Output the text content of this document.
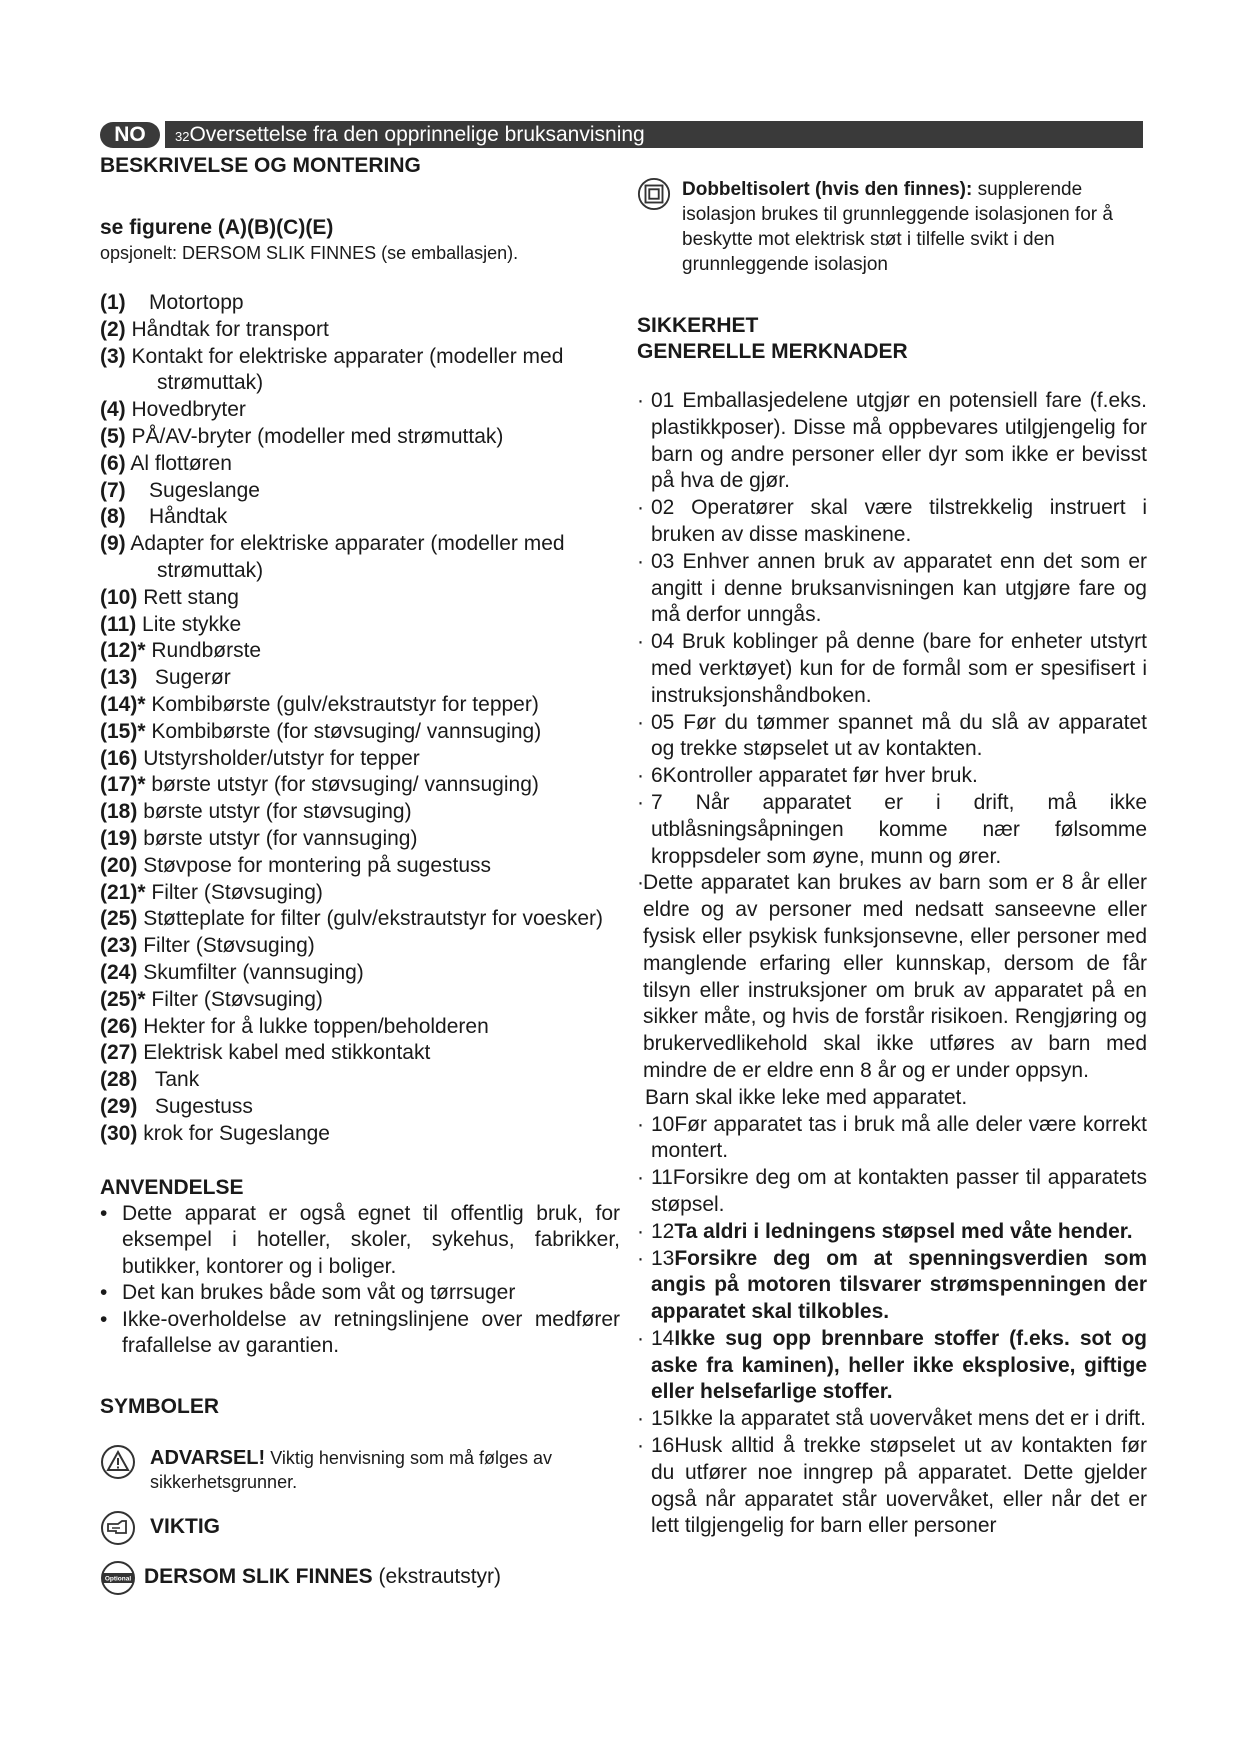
NO	32Oversettelse fra den opprinnelige bruksanvisning
BESKRIVELSE OG MONTERING
se figurene (A)(B)(C)(E)
opsjonelt: DERSOM SLIK FINNES (se emballasjen).
(1) Motortopp
(2) Håndtak for transport
(3) Kontakt for elektriske apparater (modeller med strømuttak)
(4) Hovedbryter
(5) PÅ/AV-bryter (modeller med strømuttak)
(6) Al flottøren
(7) Sugeslange
(8) Håndtak
(9) Adapter for elektriske apparater (modeller med strømuttak)
(10) Rett stang
(11) Lite stykke
(12)* Rundbørste
(13) Sugerør
(14)* Kombibørste (gulv/ekstrautstyr for tepper)
(15)* Kombibørste (for støvsuging/ vannsuging)
(16) Utstyrsholder/utstyr for tepper
(17)* børste utstyr (for støvsuging/ vannsuging)
(18) børste utstyr (for støvsuging)
(19) børste utstyr (for vannsuging)
(20) Støvpose for montering på sugestuss
(21)* Filter (Støvsuging)
(25) Støtteplate for filter (gulv/ekstrautstyr for voesker)
(23) Filter (Støvsuging)
(24) Skumfilter (vannsuging)
(25)* Filter (Støvsuging)
(26) Hekter for å lukke toppen/beholderen
(27) Elektrisk kabel med stikkontakt
(28) Tank
(29) Sugestuss
(30) krok for Sugeslange
ANVENDELSE
• Dette apparat er også egnet til offentlig bruk, for eksempel i hoteller, skoler, sykehus, fabrikker, butikker, kontorer og i boliger.
• Det kan brukes både som våt og tørrsuger
• Ikke-overholdelse av retningslinjene over medfører frafallelse av garantien.
SYMBOLER
ADVARSEL! Viktig henvisning som må følges av sikkerhetsgrunner.
VIKTIG
Optional DERSOM SLIK FINNES (ekstrautstyr)
Dobbeltisolert (hvis den finnes): supplerende isolasjon brukes til grunnleggende isolasjonen for å beskytte mot elektrisk støt i tilfelle svikt i den grunnleggende isolasjon
SIKKERHET
GENERELLE MERKNADER
· 01 Emballasjedelene utgjør en potensiell fare (f.eks. plastikkposer). Disse må oppbevares utilgjengelig for barn og andre personer eller dyr som ikke er bevisst på hva de gjør.
· 02 Operatører skal være tilstrekkelig instruert i bruken av disse maskinene.
· 03 Enhver annen bruk av apparatet enn det som er angitt i denne bruksanvisningen kan utgjøre fare og må derfor unngås.
· 04 Bruk koblinger på denne (bare for enheter utstyrt med verktøyet) kun for de formål som er spesifisert i instruksjonshåndboken.
· 05 Før du tømmer spannet må du slå av apparatet og trekke støpselet ut av kontakten.
· 6Kontroller apparatet før hver bruk.
· 7 Når apparatet er i drift, må ikke utblåsningsåpningen komme nær følsomme kroppsdeler som øyne, munn og ører.
· Dette apparatet kan brukes av barn som er 8 år eller eldre og av personer med nedsatt sanseevne eller fysisk eller psykisk funksjonsevne, eller personer med manglende erfaring eller kunnskap, dersom de får tilsyn eller instruksjoner om bruk av apparatet på en sikker måte, og hvis de forstår risikoen. Rengjøring og brukervedlikehold skal ikke utføres av barn med mindre de er eldre enn 8 år og er under oppsyn.
Barn skal ikke leke med apparatet.
· 10Før apparatet tas i bruk må alle deler være korrekt montert.
· 11Forsikre deg om at kontakten passer til apparatets støpsel.
· 12Ta aldri i ledningens støpsel med våte hender.
· 13Forsikre deg om at spenningsverdien som angis på motoren tilsvarer strømspenningen der apparatet skal tilkobles.
· 14Ikke sug opp brennbare stoffer (f.eks. sot og aske fra kaminen), heller ikke eksplosive, giftige eller helsefarlige stoffer.
· 15Ikke la apparatet stå uovervåket mens det er i drift.
· 16Husk alltid å trekke støpselet ut av kontakten før du utfører noe inngrep på apparatet. Dette gjelder også når apparatet står uovervåket, eller når det er lett tilgjengelig for barn eller personer
